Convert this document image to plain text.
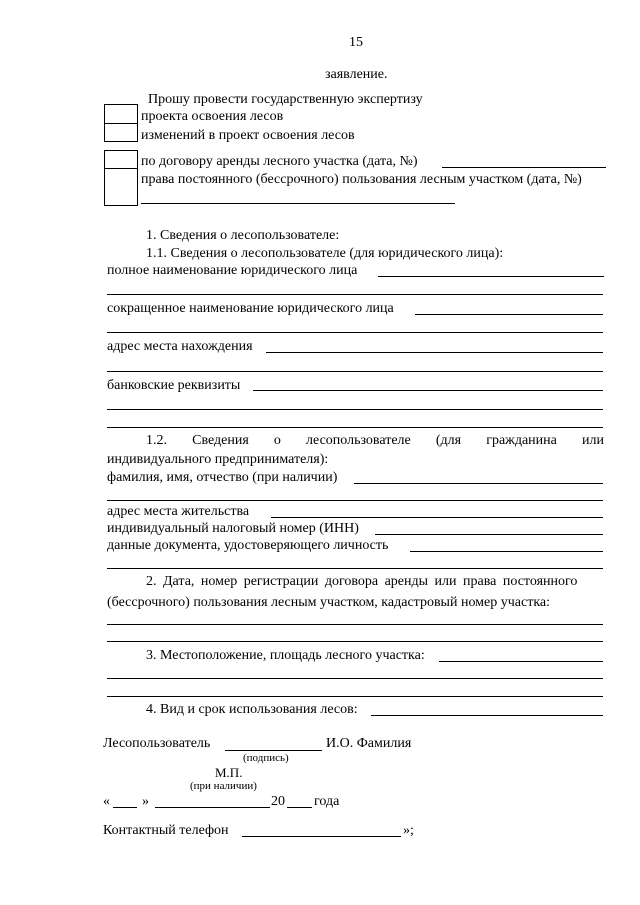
15
заявление.
Прошу провести государственную экспертизу
проекта освоения лесов
изменений в проект освоения лесов
по договору аренды лесного участка (дата, №)
права постоянного (бессрочного) пользования лесным участком (дата, №)
1. Сведения о лесопользователе:
1.1. Сведения о лесопользователе (для юридического лица):
полное наименование юридического лица
сокращенное наименование юридического лица
адрес места нахождения
банковские реквизиты
1.2. Сведения о лесопользователе (для гражданина или
индивидуального предпринимателя):
фамилия, имя, отчество (при наличии)
адрес места жительства
индивидуальный налоговый номер (ИНН)
данные документа, удостоверяющего личность
2. Дата, номер регистрации договора аренды или права постоянного
(бессрочного) пользования лесным участком, кадастровый номер участка:
3. Местоположение, площадь лесного участка:
4. Вид и срок использования лесов:
Лесопользователь	И.О. Фамилия
(подпись)
М.П.
(при наличии)
« »	20 года
Контактный телефон	»;
